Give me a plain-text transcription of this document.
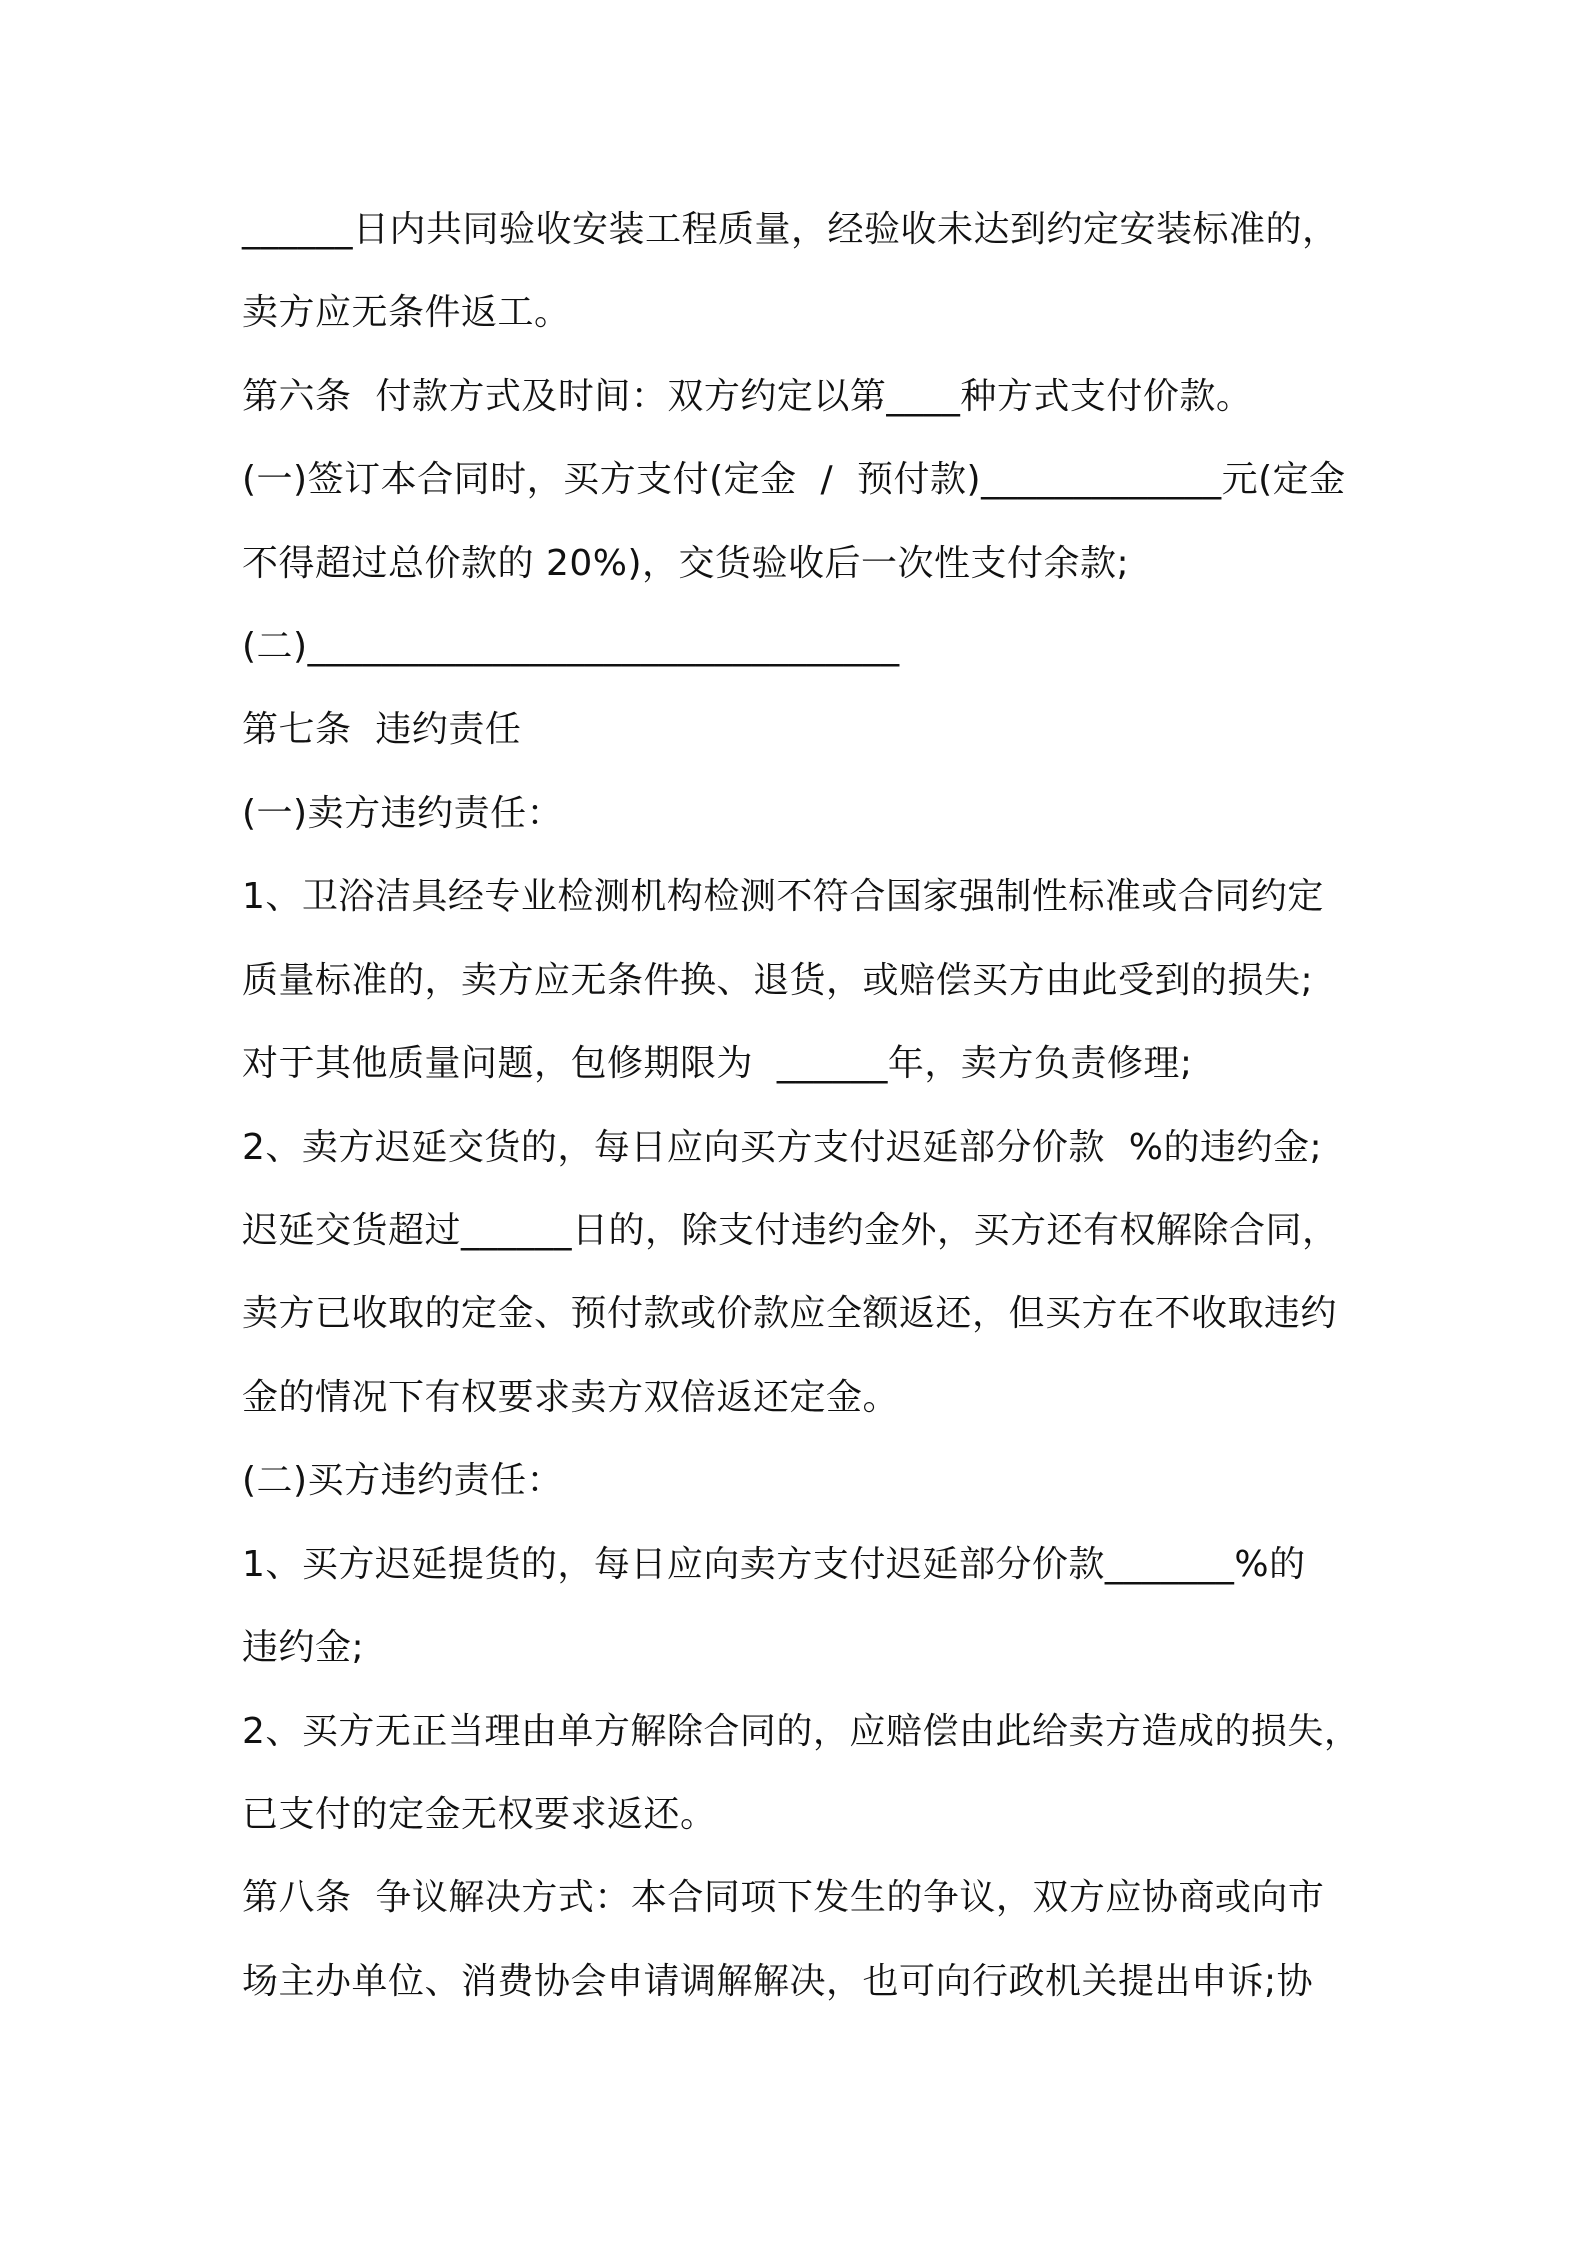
______日内共同验收安装工程质量，经验收未达到约定安装标准的，
卖方应无条件返工。
第六条  付款方式及时间：双方约定以第____种方式支付价款。
(一)签订本合同时，买方支付(定金  /  预付款)_____________元(定金
不得超过总价款的 20%)，交货验收后一次性支付余款;
(二)________________________________
第七条  违约责任
(一)卖方违约责任：
1、卫浴洁具经专业检测机构检测不符合国家强制性标准或合同约定
质量标准的，卖方应无条件换、退货，或赔偿买方由此受到的损失;
对于其他质量问题，包修期限为  ______年，卖方负责修理;
2、卖方迟延交货的，每日应向买方支付迟延部分价款  %的违约金;
迟延交货超过______日的，除支付违约金外，买方还有权解除合同，
卖方已收取的定金、预付款或价款应全额返还，但买方在不收取违约
金的情况下有权要求卖方双倍返还定金。
(二)买方违约责任：
1、买方迟延提货的，每日应向卖方支付迟延部分价款_______%的
违约金;
2、买方无正当理由单方解除合同的，应赔偿由此给卖方造成的损失，
已支付的定金无权要求返还。
第八条  争议解决方式：本合同项下发生的争议，双方应协商或向市
场主办单位、消费协会申请调解解决，也可向行政机关提出申诉;协
